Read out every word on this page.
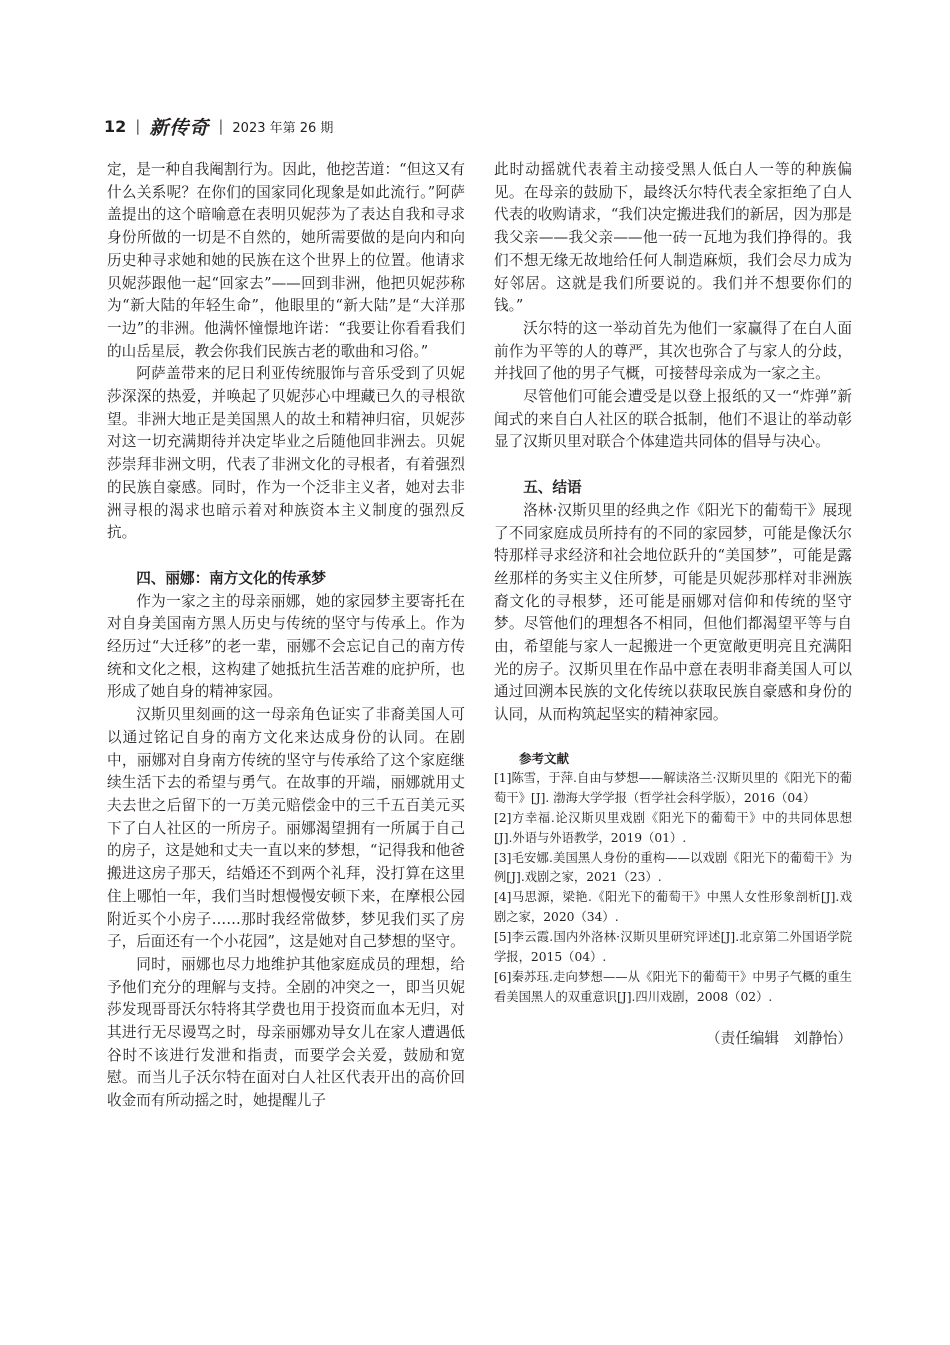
12 | 新传奇 | 2023 年第 26 期

定，是一种自我阉割行为。因此，他挖苦道：“但这又有什么关系呢？在你们的国家同化现象是如此流行。”阿萨盖提出的这个暗喻意在表明贝妮莎为了表达自我和寻求身份所做的一切是不自然的，她所需要做的是向内和向历史种寻求她和她的民族在这个世界上的位置。他请求贝妮莎跟他一起“回家去”——回到非洲，他把贝妮莎称为“新大陆的年轻生命”，他眼里的“新大陆”是“大洋那一边”的非洲。他满怀憧憬地许诺：“我要让你看看我们的山岳星辰，教会你我们民族古老的歌曲和习俗。”

阿萨盖带来的尼日利亚传统服饰与音乐受到了贝妮莎深深的热爱，并唤起了贝妮莎心中埋藏已久的寻根欲望。非洲大地正是美国黑人的故土和精神归宿，贝妮莎对这一切充满期待并决定毕业之后随他回非洲去。贝妮莎崇拜非洲文明，代表了非洲文化的寻根者，有着强烈的民族自豪感。同时，作为一个泛非主义者，她对去非洲寻根的渴求也暗示着对种族资本主义制度的强烈反抗。

四、丽娜：南方文化的传承梦

作为一家之主的母亲丽娜，她的家园梦主要寄托在对自身美国南方黑人历史与传统的坚守与传承上。作为经历过“大迁移”的老一辈，丽娜不会忘记自己的南方传统和文化之根，这构建了她抵抗生活苦难的庇护所，也形成了她自身的精神家园。

汉斯贝里刻画的这一母亲角色证实了非裔美国人可以通过铭记自身的南方文化来达成身份的认同。在剧中，丽娜对自身南方传统的坚守与传承给了这个家庭继续生活下去的希望与勇气。在故事的开端，丽娜就用丈夫去世之后留下的一万美元赔偿金中的三千五百美元买下了白人社区的一所房子。丽娜渴望拥有一所属于自己的房子，这是她和丈夫一直以来的梦想，“记得我和他爸搬进这房子那天，结婚还不到两个礼拜，没打算在这里住上哪怕一年，我们当时想慢慢安顿下来，在摩根公园附近买个小房子……那时我经常做梦，梦见我们买了房子，后面还有一个小花园”，这是她对自己梦想的坚守。

同时，丽娜也尽力地维护其他家庭成员的理想，给予他们充分的理解与支持。全剧的冲突之一，即当贝妮莎发现哥哥沃尔特将其学费也用于投资而血本无归，对其进行无尽谩骂之时，母亲丽娜劝导女儿在家人遭遇低谷时不该进行发泄和指责，而要学会关爱，鼓励和宽慰。而当儿子沃尔特在面对白人社区代表开出的高价回收金而有所动摇之时，她提醒儿子

此时动摇就代表着主动接受黑人低白人一等的种族偏见。在母亲的鼓励下，最终沃尔特代表全家拒绝了白人代表的收购请求，“我们决定搬进我们的新居，因为那是我父亲——我父亲——他一砖一瓦地为我们挣得的。我们不想无缘无故地给任何人制造麻烦，我们会尽力成为好邻居。这就是我们所要说的。我们并不想要你们的钱。”

沃尔特的这一举动首先为他们一家赢得了在白人面前作为平等的人的尊严，其次也弥合了与家人的分歧，并找回了他的男子气概，可接替母亲成为一家之主。

尽管他们可能会遭受是以登上报纸的又一“炸弹”新闻式的来自白人社区的联合抵制，他们不退让的举动彰显了汉斯贝里对联合个体建造共同体的倡导与决心。

五、结语

洛林·汉斯贝里的经典之作《阳光下的葡萄干》展现了不同家庭成员所持有的不同的家园梦，可能是像沃尔特那样寻求经济和社会地位跃升的“美国梦”，可能是露丝那样的务实主义住所梦，可能是贝妮莎那样对非洲族裔文化的寻根梦，还可能是丽娜对信仰和传统的坚守梦。尽管他们的理想各不相同，但他们都渴望平等与自由，希望能与家人一起搬进一个更宽敞更明亮且充满阳光的房子。汉斯贝里在作品中意在表明非裔美国人可以通过回溯本民族的文化传统以获取民族自豪感和身份的认同，从而构筑起坚实的精神家园。

参考文献

[1]陈雪，于萍.自由与梦想——解读洛兰·汉斯贝里的《阳光下的葡萄干》[J]. 渤海大学学报（哲学社会科学版），2016（04）
[2]方幸福.论汉斯贝里戏剧《阳光下的葡萄干》中的共同体思想[J].外语与外语教学，2019（01）.
[3]毛安娜.美国黑人身份的重构——以戏剧《阳光下的葡萄干》为例[J].戏剧之家，2021（23）.
[4]马思源，梁艳.《阳光下的葡萄干》中黑人女性形象剖析[J].戏剧之家，2020（34）.
[5]李云霞.国内外洛林·汉斯贝里研究评述[J].北京第二外国语学院学报，2015（04）.
[6]秦苏珏.走向梦想——从《阳光下的葡萄干》中男子气概的重生看美国黑人的双重意识[J].四川戏剧，2008（02）.
（责任编辑　刘静怡）
